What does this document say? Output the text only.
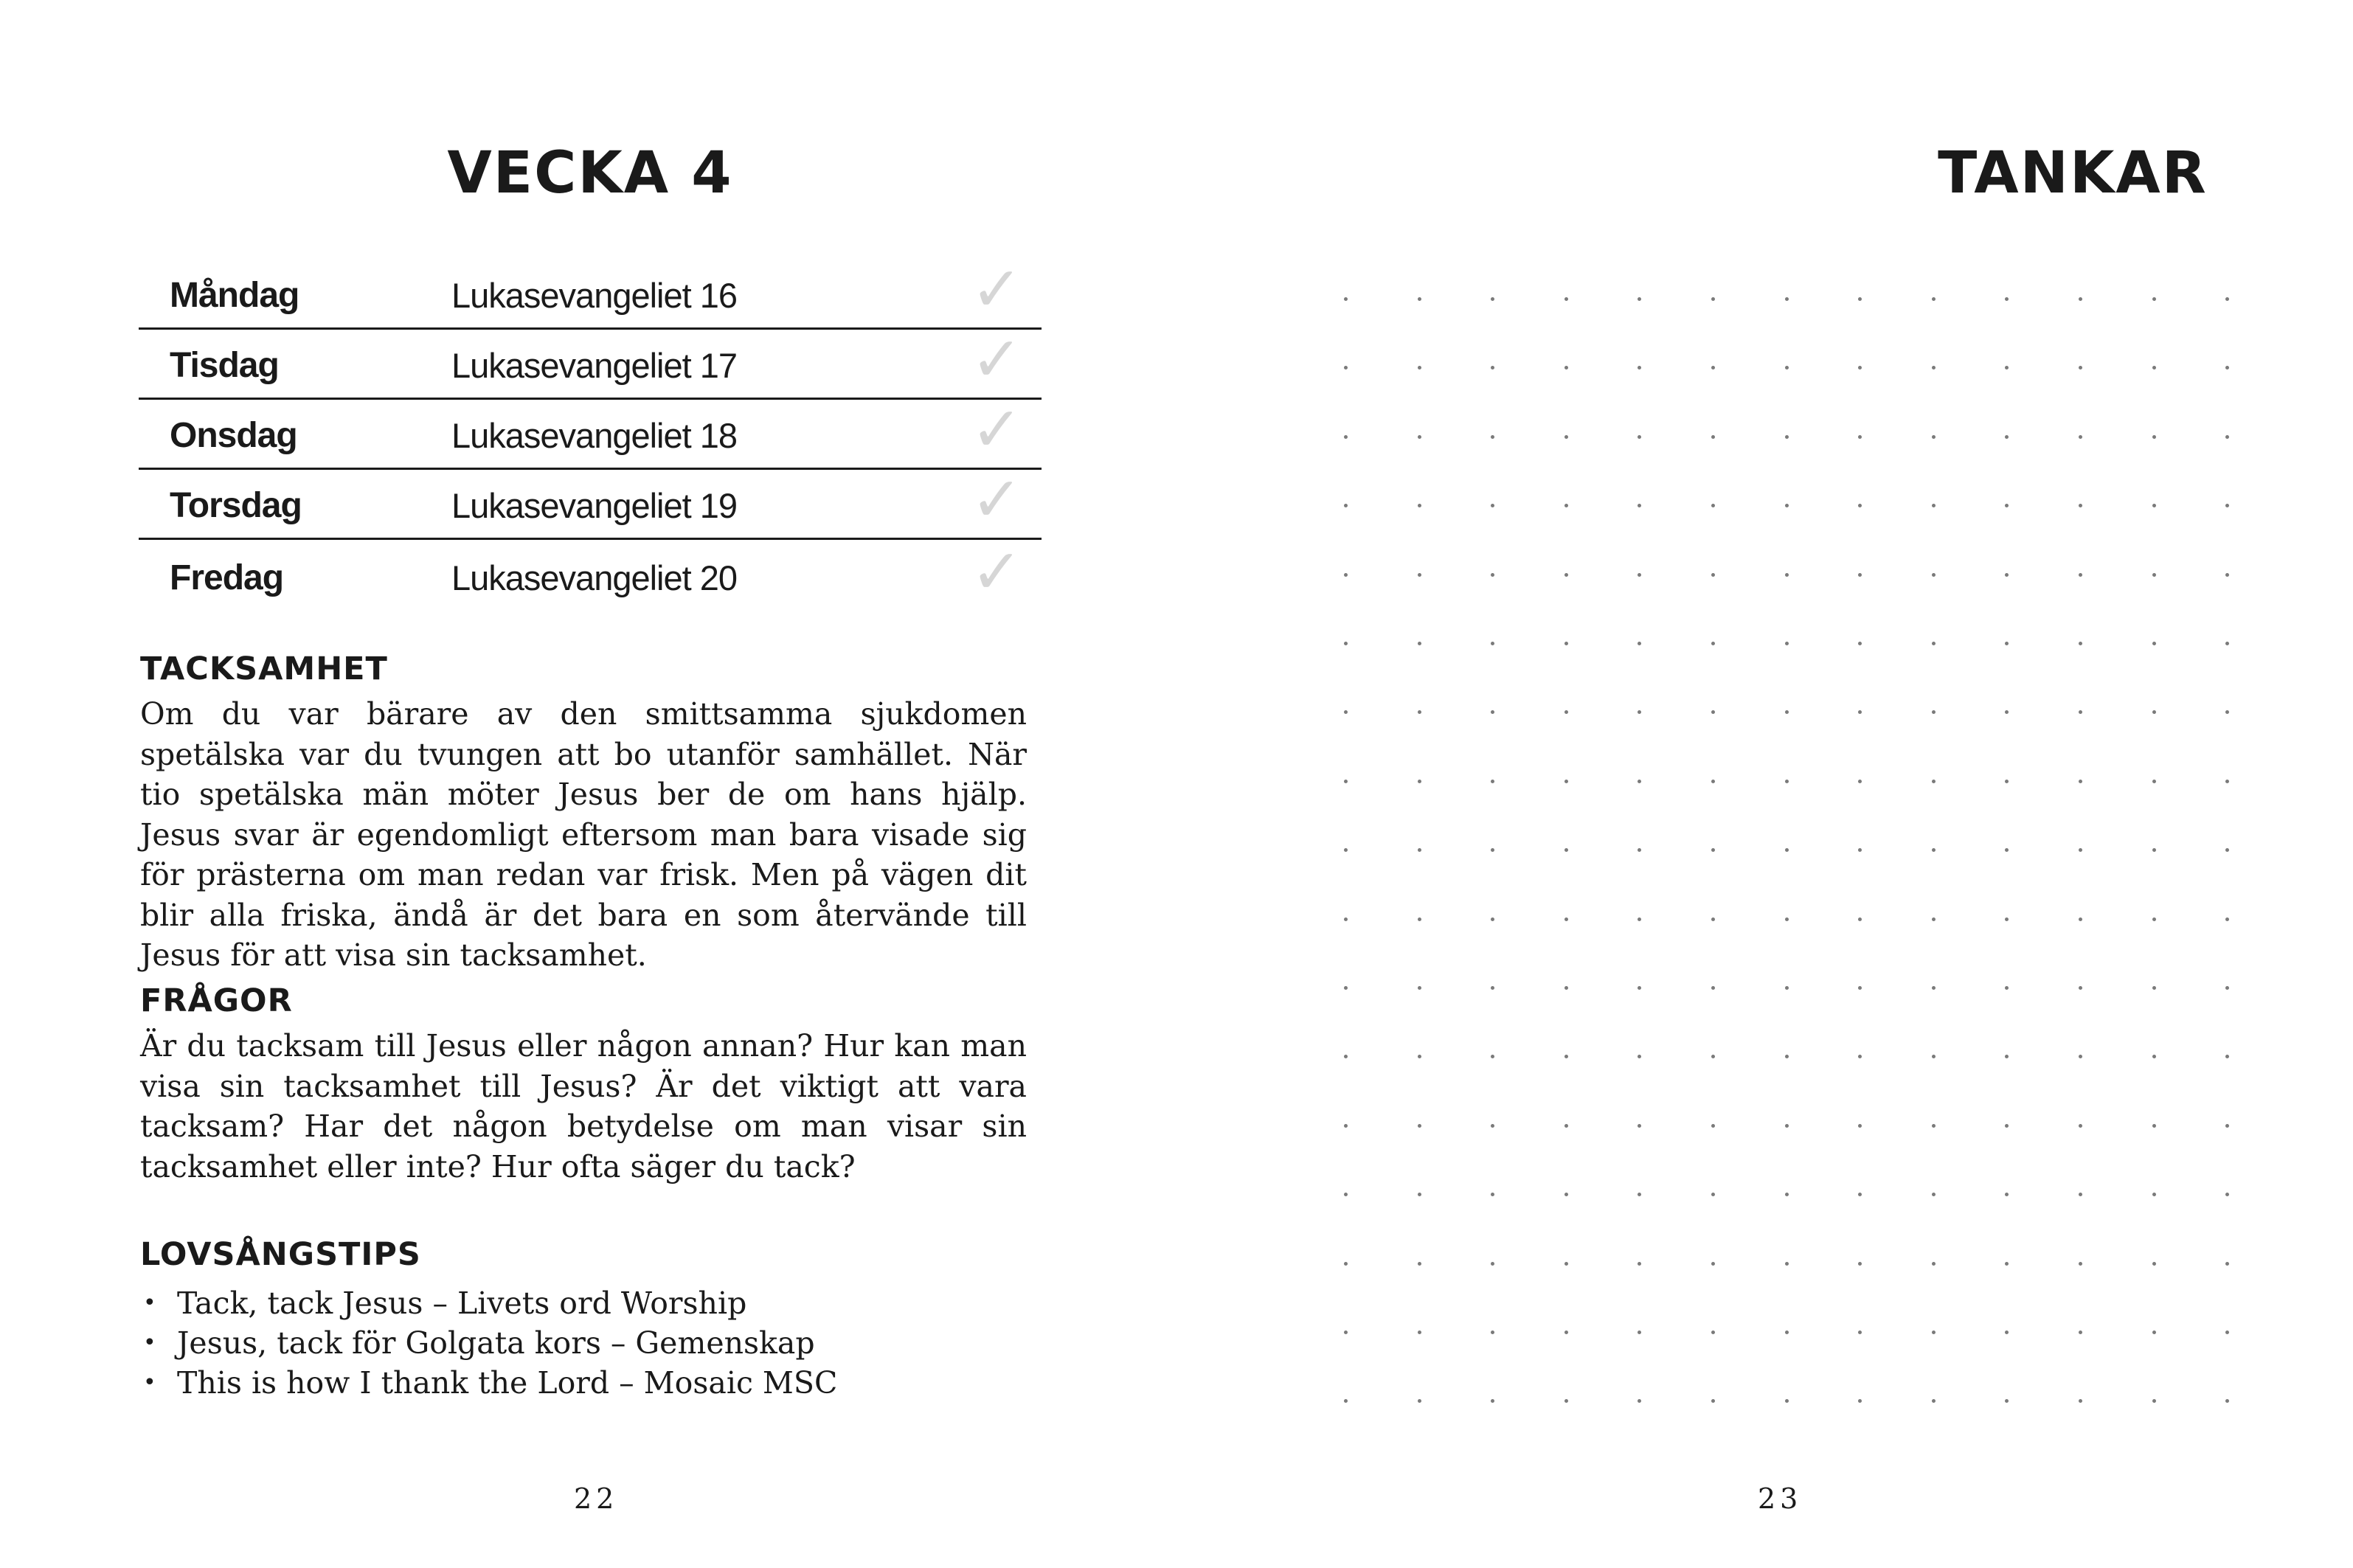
VECKA 4
Måndag	Lukasevangeliet 16	✓
Tisdag	Lukasevangeliet 17	✓
Onsdag	Lukasevangeliet 18	✓
Torsdag	Lukasevangeliet 19	✓
Fredag	Lukasevangeliet 20	✓
TACKSAMHET

Om du var bärare av den smittsamma sjukdomen spetälska var du tvungen att bo utanför samhället. När tio spetälska män möter Jesus ber de om hans hjälp. Jesus svar är egendomligt eftersom man bara visade sig för prästerna om man redan var frisk. Men på vägen dit blir alla friska, ändå är det bara en som återvände till Jesus för att visa sin tacksamhet.

FRÅGOR

Är du tacksam till Jesus eller någon annan? Hur kan man visa sin tacksamhet till Jesus? Är det viktigt att vara tacksam? Har det någon betydelse om man visar sin tacksamhet eller inte? Hur ofta säger du tack?

LOVSÅNGSTIPS
• Tack, tack Jesus – Livets ord Worship
• Jesus, tack för Golgata kors – Gemenskap
• This is how I thank the Lord – Mosaic MSC
22
TANKAR
23
